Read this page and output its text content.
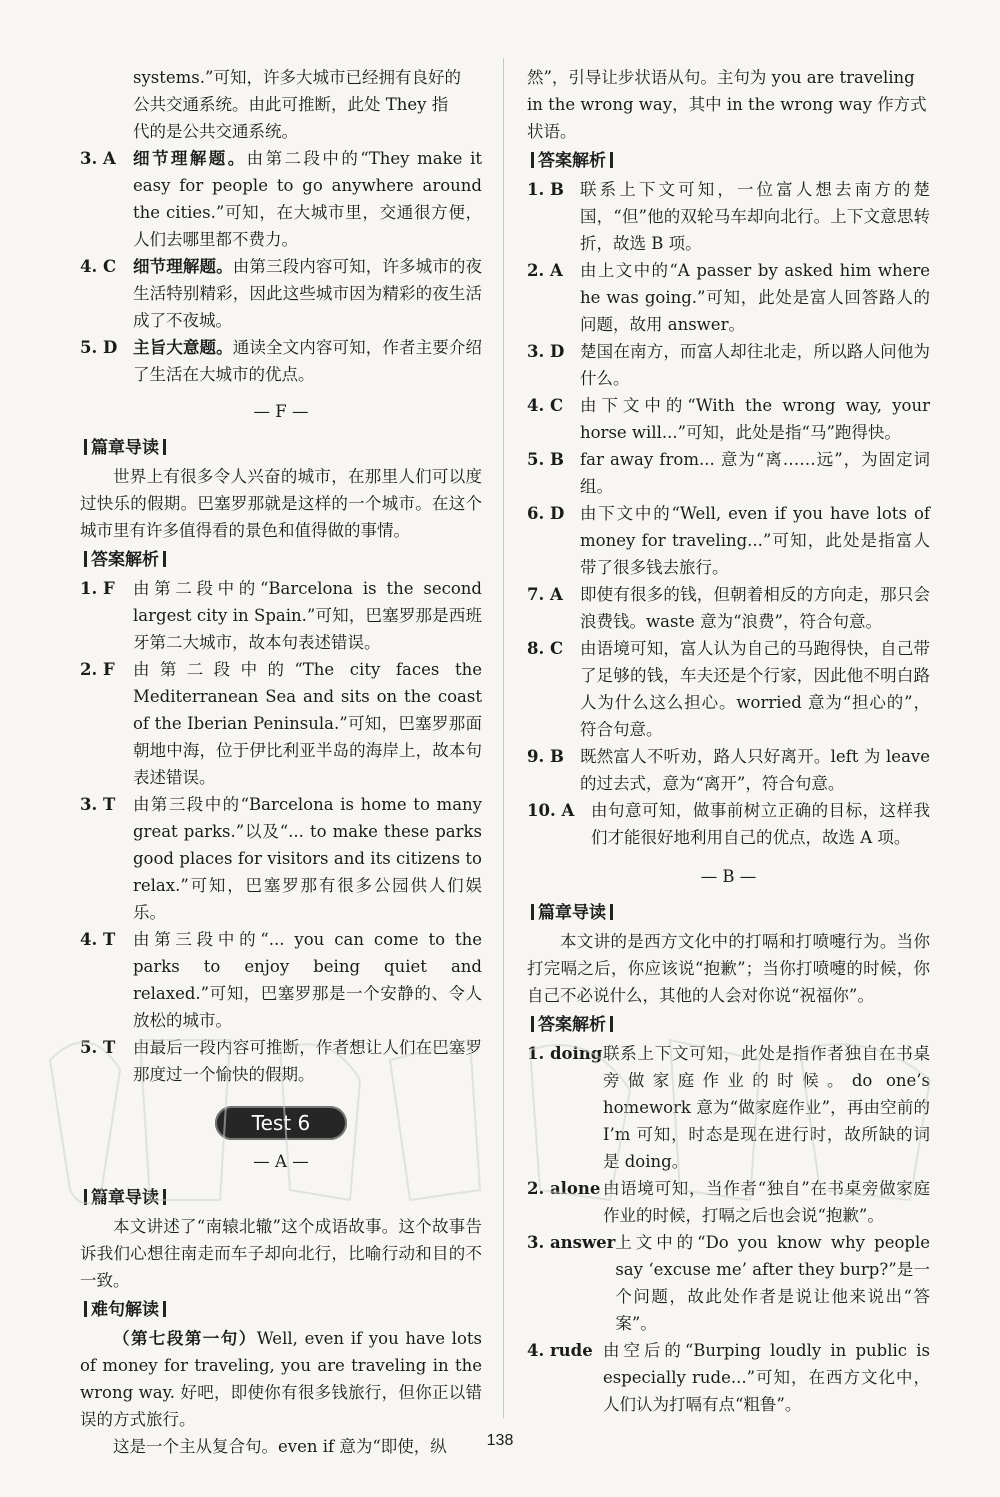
systems.”可知，许多大城市已经拥有良好的

公共交通系统。由此可推断，此处 They 指

代的是公共交通系统。

3. A	细节理解题。由第二段中的“They make it easy for people to go anywhere around the cities.”可知，在大城市里，交通很方便，人们去哪里都不费力。
4. C	细节理解题。由第三段内容可知，许多城市的夜生活特别精彩，因此这些城市因为精彩的夜生活成了不夜城。
5. D 主旨大意题。通读全文内容可知，作者主要介绍了生活在大城市的优点。

— F —

篇章导读

世界上有很多令人兴奋的城市，在那里人们可以度过快乐的假期。巴塞罗那就是这样的一个城市。在这个城市里有许多值得看的景色和值得做的事情。

答案解析
1. F	由第二段中的“Barcelona is the second largest city in Spain.”可知，巴塞罗那是西班牙第二大城市，故本句表述错误。
2. F	由第二段中的“The city faces the Mediterranean Sea and sits on the coast of the Iberian Peninsula.”可知，巴塞罗那面朝地中海，位于伊比利亚半岛的海岸上，故本句表述错误。
3. T	由第三段中的“Barcelona is home to many great parks.”以及“... to make these parks good places for visitors and its citizens to relax.”可知，巴塞罗那有很多公园供人们娱乐。
4. T	由第三段中的“... you can come to the parks to enjoy being quiet and relaxed.”可知，巴塞罗那是一个安静的、令人放松的城市。
5. T	由最后一段内容可推断，作者想让人们在巴塞罗那度过一个愉快的假期。
Test 6

— A —

篇章导读

本文讲述了“南辕北辙”这个成语故事。这个故事告诉我们心想往南走而车子却向北行，比喻行动和目的不一致。

难句解读

（第七段第一句）Well, even if you have lots of money for traveling, you are traveling in the wrong way. 好吧，即使你有很多钱旅行，但你正以错误的方式旅行。

这是一个主从复合句。even if 意为“即使，纵

然”，引导让步状语从句。主句为 you are traveling

in the wrong way，其中 in the wrong way 作方式

状语。

答案解析
1. B 联系上下文可知，一位富人想去南方的楚国，“但”他的双轮马车却向北行。上下文意思转折，故选 B 项。
2. A	由上文中的“A passer by asked him where he was going.”可知，此处是富人回答路人的问题，故用 answer。
3. D 楚国在南方，而富人却往北走，所以路人问他为什么。
4. C	由下文中的“With the wrong way, your horse will...”可知，此处是指“马”跑得快。
5. B far away from... 意为“离……远”，为固定词组。
6. D 由下文中的“Well, even if you have lots of money for traveling...”可知，此处是指富人带了很多钱去旅行。
7. A	即使有很多的钱，但朝着相反的方向走，那只会浪费钱。waste 意为“浪费”，符合句意。
8. C	由语境可知，富人认为自己的马跑得快，自己带了足够的钱，车夫还是个行家，因此他不明白路人为什么这么担心。worried 意为“担心的”，符合句意。
9. B 既然富人不听劝，路人只好离开。left 为 leave 的过去式，意为“离开”，符合句意。
10. A	由句意可知，做事前树立正确的目标，这样我们才能很好地利用自己的优点，故选 A 项。

— B —

篇章导读

本文讲的是西方文化中的打嗝和打喷嚏行为。当你打完嗝之后，你应该说“抱歉”；当你打喷嚏的时候，你自己不必说什么，其他的人会对你说“祝福你”。

答案解析
1. doing 联系上下文可知，此处是指作者独自在书桌旁做家庭作业的时候。do one’s homework 意为“做家庭作业”，再由空前的 I’m 可知，时态是现在进行时，故所缺的词是 doing。
2. alone 由语境可知，当作者“独自”在书桌旁做家庭作业的时候，打嗝之后也会说“抱歉”。
3. answer 上文中的“Do you know why people say ‘excuse me’ after they burp?”是一个问题，故此处作者是说让他来说出“答案”。
4. rude 由空后的“Burping loudly in public is especially rude...”可知，在西方文化中，人们认为打嗝有点“粗鲁”。
138
